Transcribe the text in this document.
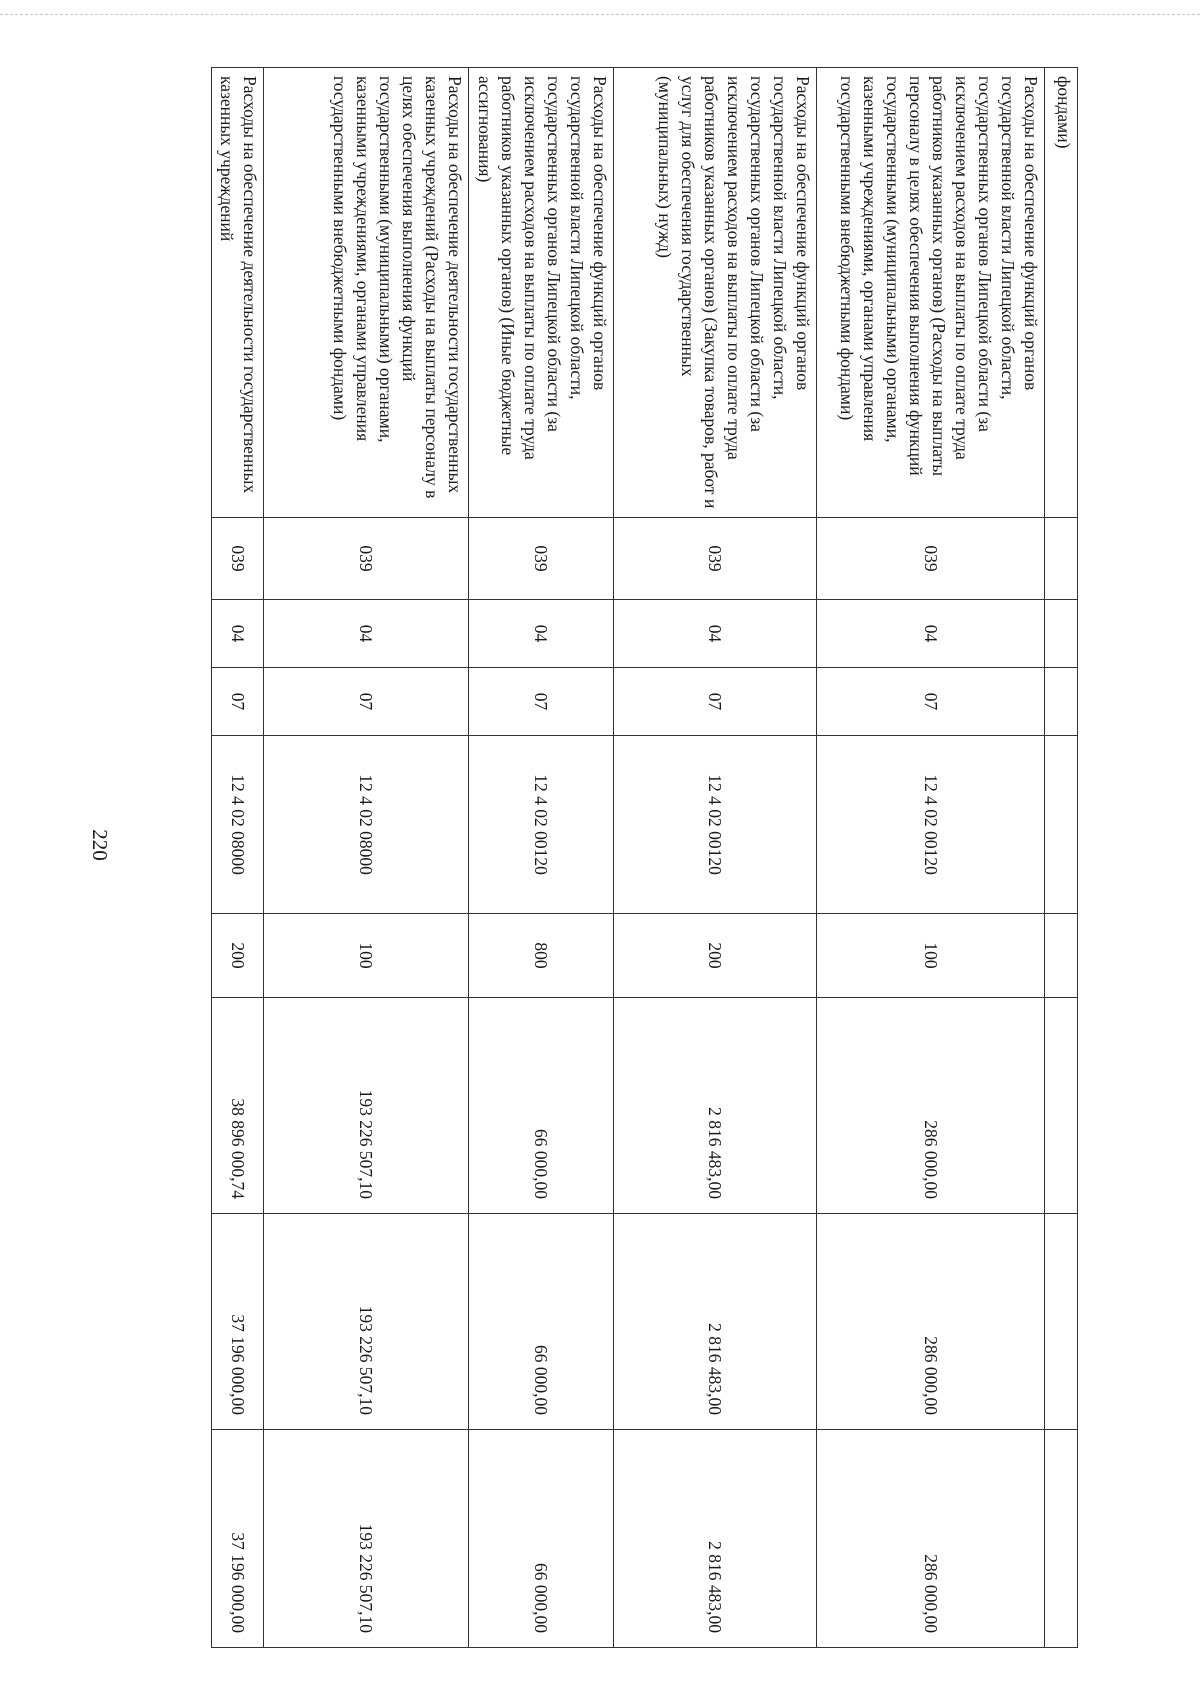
220
фондами)								
Расходы на обеспечение функций органов государственной власти Липецкой области, государственных органов Липецкой области (за исключением расходов на выплаты по оплате труда работников указанных органов) (Расходы на выплаты персоналу в целях обеспечения выполнения функций государственными (муниципальными) органами, казенными учреждениями, органами управления государственными внебюджетными фондами)	039	04	07	12 4 02 00120	100	286 000,00	286 000,00	286 000,00
Расходы на обеспечение функций органов государственной власти Липецкой области, государственных органов Липецкой области (за исключением расходов на выплаты по оплате труда работников указанных органов) (Закупка товаров, работ и услуг для обеспечения государственных (муниципальных) нужд)	039	04	07	12 4 02 00120	200	2 816 483,00	2 816 483,00	2 816 483,00
Расходы на обеспечение функций органов государственной власти Липецкой области, государственных органов Липецкой области (за исключением расходов на выплаты по оплате труда работников указанных органов) (Иные бюджетные ассигнования)	039	04	07	12 4 02 00120	800	66 000,00	66 000,00	66 000,00
Расходы на обеспечение деятельности государственных казенных учреждений (Расходы на выплаты персоналу в целях обеспечения выполнения функций государственными (муниципальными) органами, казенными учреждениями, органами управления государственными внебюджетными фондами)	039	04	07	12 4 02 08000	100	193 226 507,10	193 226 507,10	193 226 507,10
Расходы на обеспечение деятельности государственных казенных учреждений	039	04	07	12 4 02 08000	200	38 896 000,74	37 196 000,00	37 196 000,00
